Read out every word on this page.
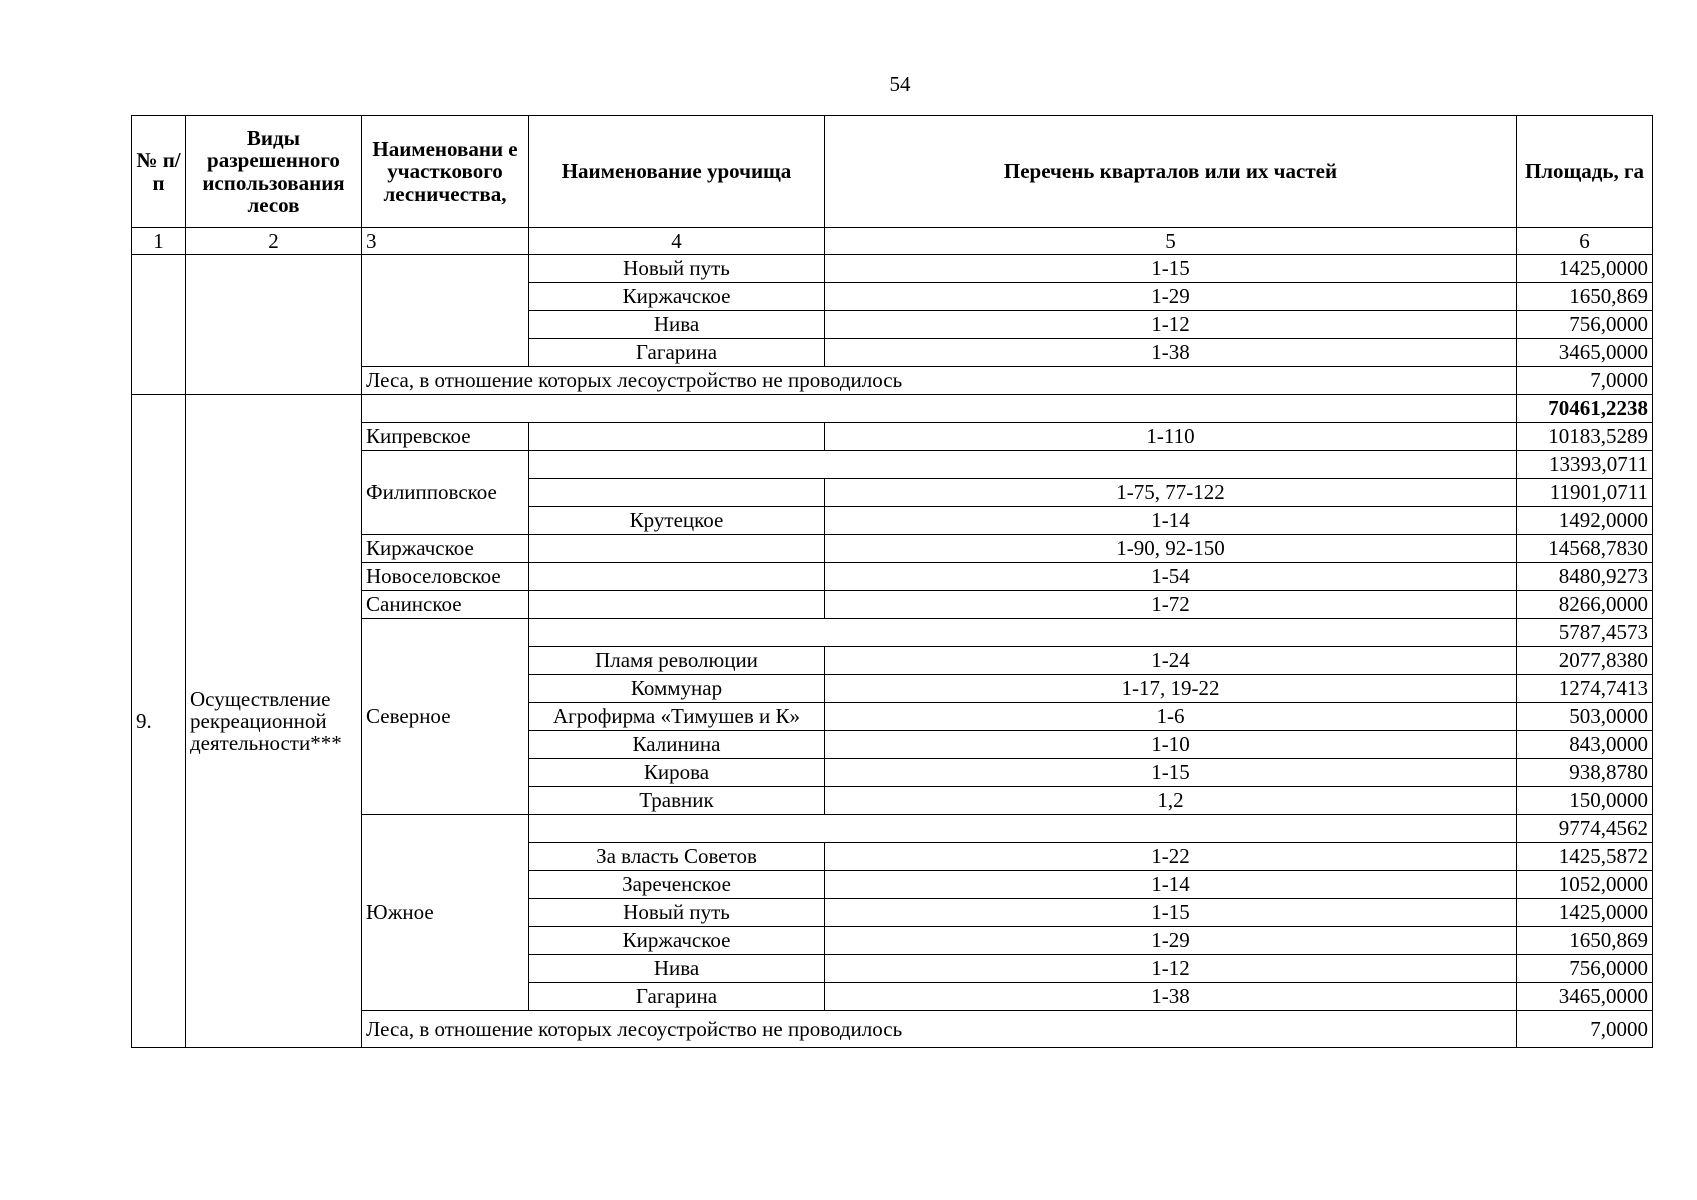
54
№ п/п	Виды разрешенного использования лесов	Наименовани е участкового лесничества,	Наименование урочища	Перечень кварталов или их частей	Площадь, га
1	2	3	4	5	6
			Новый путь	1-15	1425,0000
			Киржачское	1-29	1650,869
			Нива	1-12	756,0000
			Гагарина	1-38	3465,0000
		Леса, в отношение которых лесоустройство не проводилось			7,0000
9.	Осуществление рекреационной деятельности***				70461,2238
		Кипревское		1-110	10183,5289
		Филипповское			13393,0711
				1-75, 77-122	11901,0711
			Крутецкое	1-14	1492,0000
		Киржачское		1-90, 92-150	14568,7830
		Новоселовское		1-54	8480,9273
		Санинское		1-72	8266,0000
		Северное			5787,4573
			Пламя революции	1-24	2077,8380
			Коммунар	1-17, 19-22	1274,7413
			Агрофирма «Тимушев и К»	1-6	503,0000
			Калинина	1-10	843,0000
			Кирова	1-15	938,8780
			Травник	1,2	150,0000
		Южное			9774,4562
			За власть Советов	1-22	1425,5872
			Зареченское	1-14	1052,0000
			Новый путь	1-15	1425,0000
			Киржачское	1-29	1650,869
			Нива	1-12	756,0000
			Гагарина	1-38	3465,0000
		Леса, в отношение которых лесоустройство не проводилось			7,0000
